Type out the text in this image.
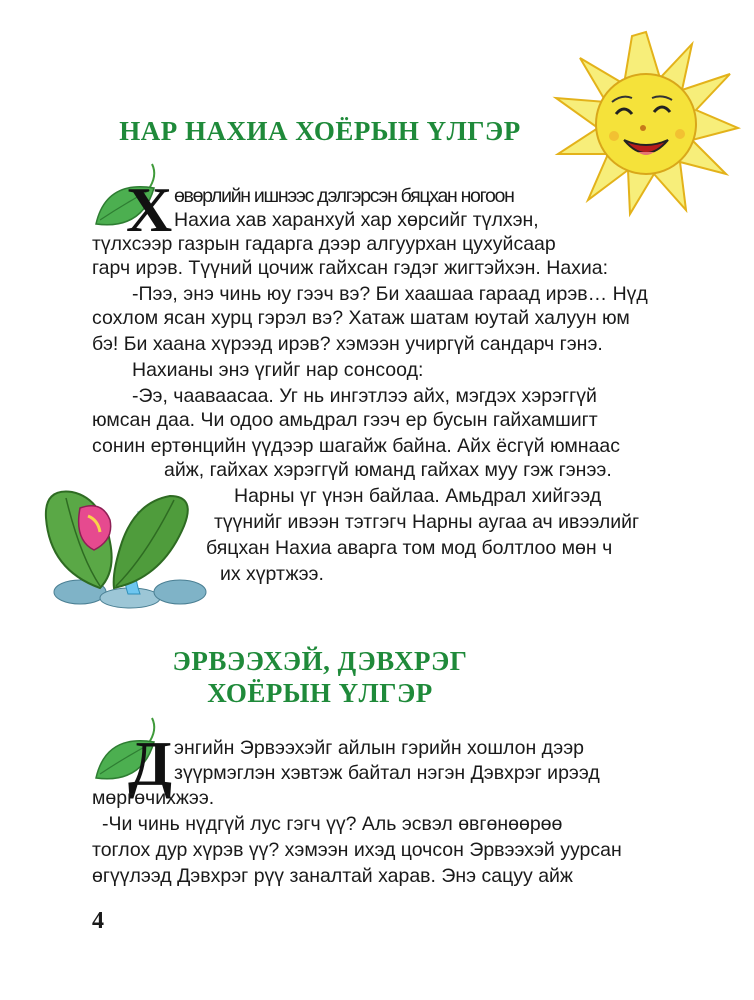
НАР НАХИА ХОЁРЫН ҮЛГЭР
Х өвөрлийн ишнээс дэлгэрсэн бяцхан ногоон
Нахиа хав харанхуй хар хөрсийг түлхэн,
түлхсээр газрын гадарга дээр алгуурхан цухуйсаар
гарч ирэв. Түүний цочиж гайхсан гэдэг жигтэйхэн. Нахиа:
-Пээ, энэ чинь юу гээч вэ? Би хаашаа гараад ирэв… Нүд
сохлом ясан хурц гэрэл вэ? Хатаж шатам юутай халуун юм
бэ! Би хаана хүрээд ирэв? хэмээн учиргүй сандарч гэнэ.
Нахианы энэ үгийг нар сонсоод:
-Ээ, чааваасаа. Уг нь ингэтлээ айх, мэгдэх хэрэггүй
юмсан даа. Чи одоо амьдрал гээч ер бусын гайхамшигт
сонин ертөнцийн үүдээр шагайж байна. Айх ёсгүй юмнаас
айж, гайхах хэрэггүй юманд гайхах муу гэж гэнээ.
Нарны үг үнэн байлаа. Амьдрал хийгээд
түүнийг ивээн тэтгэгч Нарны аугаа ач ивээлийг
бяцхан Нахиа аварга том мод болтлоо мөн ч
их хүртжээ.
ЭРВЭЭХЭЙ, ДЭВХРЭГ
ХОЁРЫН ҮЛГЭР
Д энгийн Эрвээхэйг айлын гэрийн хошлон дээр
зүүрмэглэн хэвтэж байтал нэгэн Дэвхрэг ирээд
мөргөчихжээ.
-Чи чинь нүдгүй лус гэгч үү? Аль эсвэл өвгөнөөрөө
тоглох дур хүрэв үү? хэмээн ихэд цочсон Эрвээхэй уурсан
өгүүлээд Дэвхрэг рүү заналтай харав. Энэ сацуу айж
4
